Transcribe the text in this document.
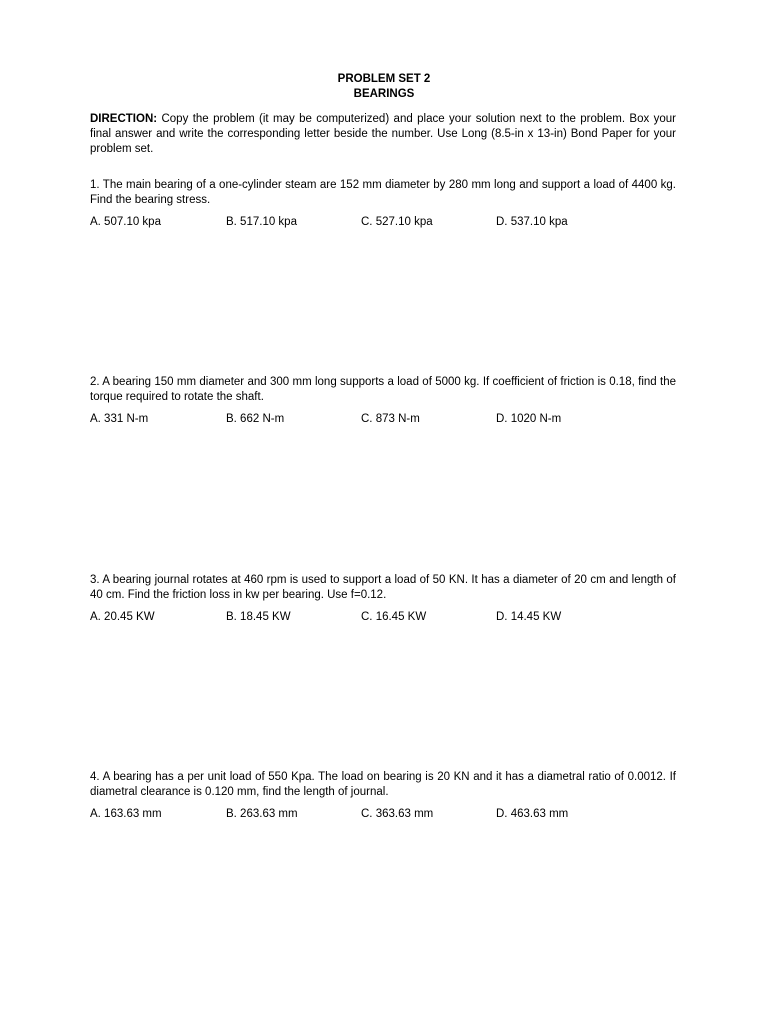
PROBLEM SET 2
BEARINGS
DIRECTION: Copy the problem (it may be computerized) and place your solution next to the problem. Box your final answer and write the corresponding letter beside the number. Use Long (8.5-in x 13-in) Bond Paper for your problem set.
1. The main bearing of a one-cylinder steam are 152 mm diameter by 280 mm long and support a load of 4400 kg. Find the bearing stress.
A. 507.10 kpa	B. 517.10 kpa	C. 527.10 kpa	D. 537.10 kpa
2. A bearing 150 mm diameter and 300 mm long supports a load of 5000 kg. If coefficient of friction is 0.18, find the torque required to rotate the shaft.
A. 331 N-m	B. 662 N-m	C. 873 N-m	D. 1020 N-m
3. A bearing journal rotates at 460 rpm is used to support a load of 50 KN. It has a diameter of 20 cm and length of 40 cm. Find the friction loss in kw per bearing. Use f=0.12.
A. 20.45 KW	B. 18.45 KW	C. 16.45 KW	D. 14.45 KW
4. A bearing has a per unit load of 550 Kpa. The load on bearing is 20 KN and it has a diametral ratio of 0.0012. If diametral clearance is 0.120 mm, find the length of journal.
A. 163.63 mm	B. 263.63 mm	C. 363.63 mm	D. 463.63 mm
